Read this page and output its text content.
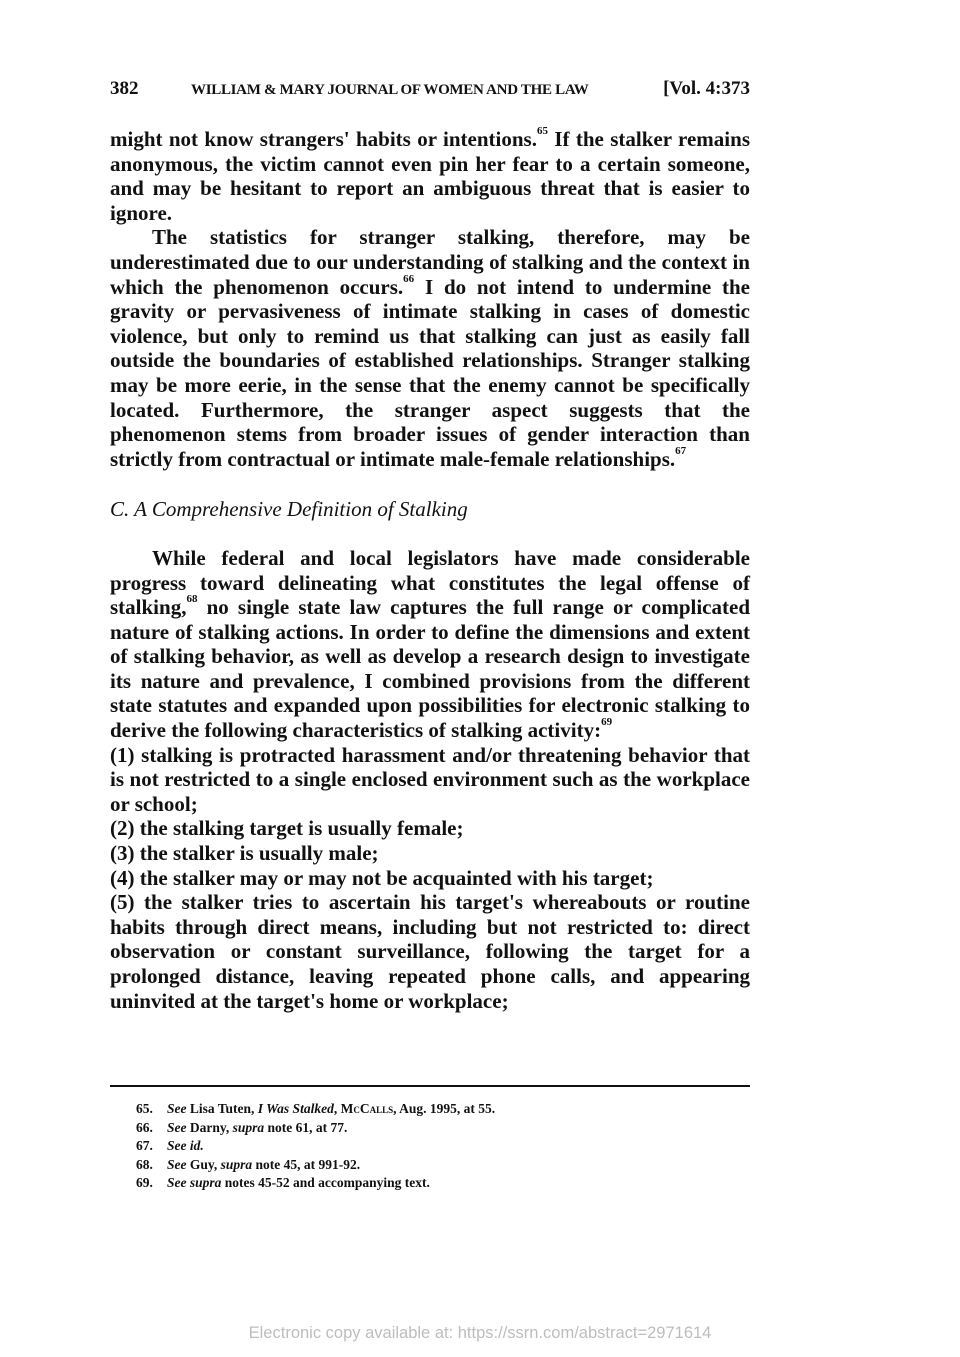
382	WILLIAM & MARY JOURNAL OF WOMEN AND THE LAW	[Vol. 4:373

might not know strangers' habits or intentions.$^{65}$ If the stalker remains anonymous, the victim cannot even pin her fear to a certain someone, and may be hesitant to report an ambiguous threat that is easier to ignore.

The statistics for stranger stalking, therefore, may be underestimated due to our understanding of stalking and the context in which the phenomenon occurs.$^{66}$ I do not intend to undermine the gravity or pervasiveness of intimate stalking in cases of domestic violence, but only to remind us that stalking can just as easily fall outside the boundaries of established relationships. Stranger stalking may be more eerie, in the sense that the enemy cannot be specifically located. Furthermore, the stranger aspect suggests that the phenomenon stems from broader issues of gender interaction than strictly from contractual or intimate male-female relationships.$^{67}$

C. A Comprehensive Definition of Stalking

While federal and local legislators have made considerable progress toward delineating what constitutes the legal offense of stalking,$^{68}$ no single state law captures the full range or complicated nature of stalking actions. In order to define the dimensions and extent of stalking behavior, as well as develop a research design to investigate its nature and prevalence, I combined provisions from the different state statutes and expanded upon possibilities for electronic stalking to derive the following characteristics of stalking activity:$^{69}$

(1) stalking is protracted harassment and/or threatening behavior that is not restricted to a single enclosed environment such as the workplace or school;

(2) the stalking target is usually female;

(3) the stalker is usually male;

(4) the stalker may or may not be acquainted with his target;

(5) the stalker tries to ascertain his target's whereabouts or routine habits through direct means, including but not restricted to: direct observation or constant surveillance, following the target for a prolonged distance, leaving repeated phone calls, and appearing uninvited at the target's home or workplace;

65. See Lisa Tuten, I Was Stalked, McCalls, Aug. 1995, at 55.
66. See Darny, supra note 61, at 77.
67. See id.
68. See Guy, supra note 45, at 991-92.
69. See supra notes 45-52 and accompanying text.
Electronic copy available at: https://ssrn.com/abstract=2971614
